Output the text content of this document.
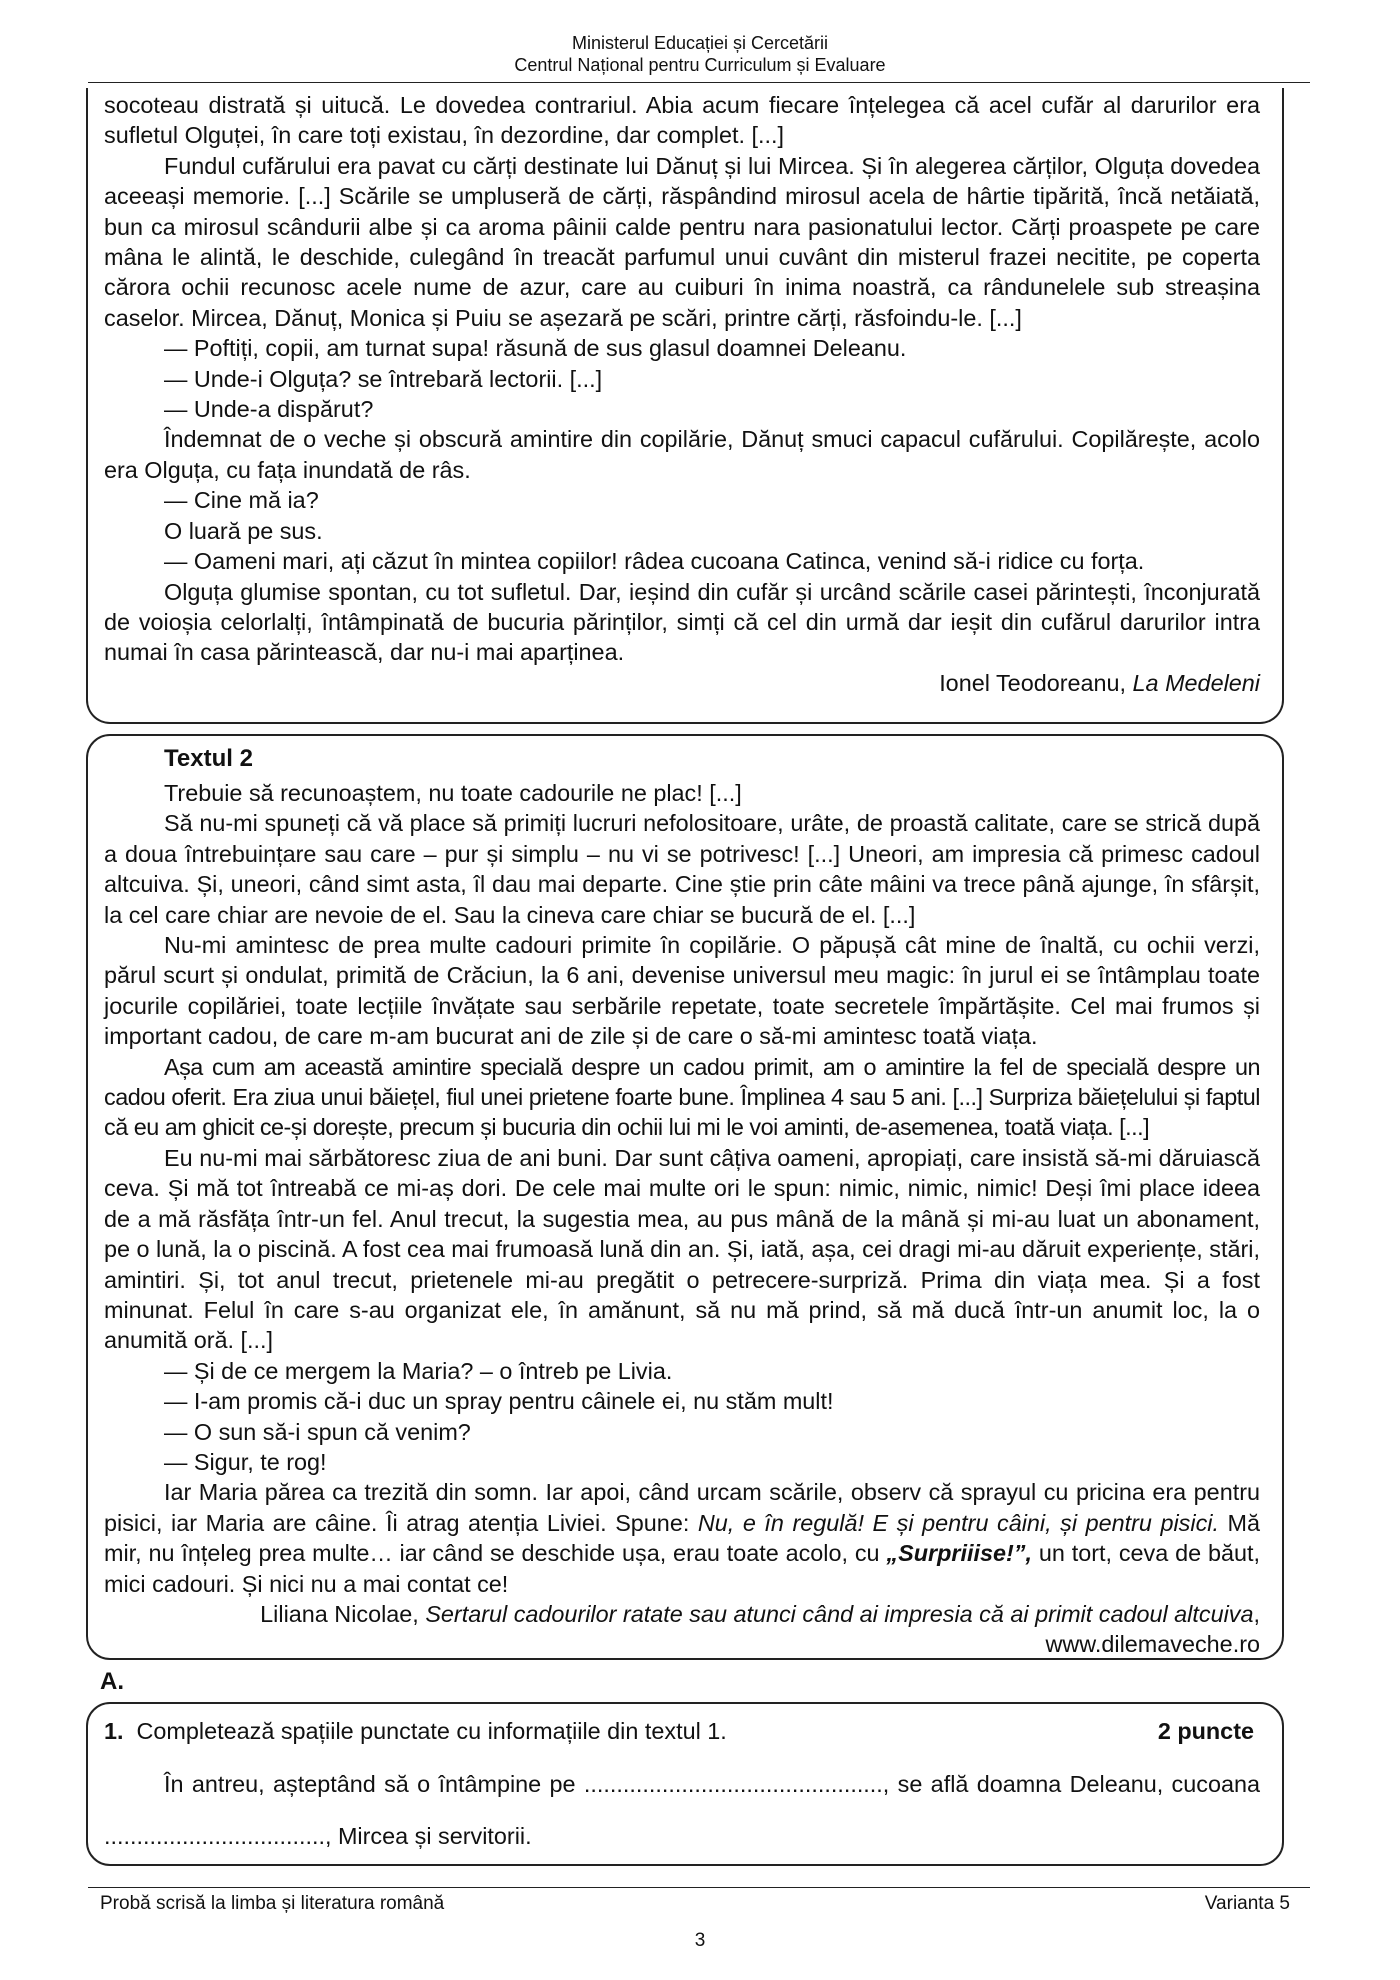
Ministerul Educației și Cercetării
Centrul Național pentru Curriculum și Evaluare

socoteau distrată și uitucă. Le dovedea contrariul. Abia acum fiecare înțelegea că acel cufăr al darurilor era sufletul Olguței, în care toți existau, în dezordine, dar complet. [...]

Fundul cufărului era pavat cu cărți destinate lui Dănuț și lui Mircea. Și în alegerea cărților, Olguța dovedea aceeași memorie. [...] Scările se umpluseră de cărți, răspândind mirosul acela de hârtie tipărită, încă netăiată, bun ca mirosul scândurii albe și ca aroma pâinii calde pentru nara pasionatului lector. Cărți proaspete pe care mâna le alintă, le deschide, culegând în treacăt parfumul unui cuvânt din misterul frazei necitite, pe coperta cărora ochii recunosc acele nume de azur, care au cuiburi în inima noastră, ca rândunelele sub streașina caselor. Mircea, Dănuț, Monica și Puiu se așezară pe scări, printre cărți, răsfoindu-le. [...]

— Poftiți, copii, am turnat supa! răsună de sus glasul doamnei Deleanu.

— Unde-i Olguța? se întrebară lectorii. [...]

— Unde-a dispărut?

Îndemnat de o veche și obscură amintire din copilărie, Dănuț smuci capacul cufărului. Copilărește, acolo era Olguța, cu fața inundată de râs.

— Cine mă ia?

O luară pe sus.

— Oameni mari, ați căzut în mintea copiilor! râdea cucoana Catinca, venind să-i ridice cu forța.

Olguța glumise spontan, cu tot sufletul. Dar, ieșind din cufăr și urcând scările casei părintești, înconjurată de voioșia celorlalți, întâmpinată de bucuria părinților, simți că cel din urmă dar ieșit din cufărul darurilor intra numai în casa părintească, dar nu-i mai aparținea.

Ionel Teodoreanu, La Medeleni

Textul 2

Trebuie să recunoaștem, nu toate cadourile ne plac! [...]

Să nu-mi spuneți că vă place să primiți lucruri nefolositoare, urâte, de proastă calitate, care se strică după a doua întrebuințare sau care – pur și simplu – nu vi se potrivesc! [...] Uneori, am impresia că primesc cadoul altcuiva. Și, uneori, când simt asta, îl dau mai departe. Cine știe prin câte mâini va trece până ajunge, în sfârșit, la cel care chiar are nevoie de el. Sau la cineva care chiar se bucură de el. [...]

Nu-mi amintesc de prea multe cadouri primite în copilărie. O păpușă cât mine de înaltă, cu ochii verzi, părul scurt și ondulat, primită de Crăciun, la 6 ani, devenise universul meu magic: în jurul ei se întâmplau toate jocurile copilăriei, toate lecțiile învățate sau serbările repetate, toate secretele împărtășite. Cel mai frumos și important cadou, de care m-am bucurat ani de zile și de care o să-mi amintesc toată viața.

Așa cum am această amintire specială despre un cadou primit, am o amintire la fel de specială despre un cadou oferit. Era ziua unui băiețel, fiul unei prietene foarte bune. Împlinea 4 sau 5 ani. [...] Surpriza băiețelului și faptul că eu am ghicit ce-și dorește, precum și bucuria din ochii lui mi le voi aminti, de-asemenea, toată viața. [...]

Eu nu-mi mai sărbătoresc ziua de ani buni. Dar sunt câțiva oameni, apropiați, care insistă să-mi dăruiască ceva. Și mă tot întreabă ce mi-aș dori. De cele mai multe ori le spun: nimic, nimic, nimic! Deși îmi place ideea de a mă răsfăța într-un fel. Anul trecut, la sugestia mea, au pus mână de la mână și mi-au luat un abonament, pe o lună, la o piscină. A fost cea mai frumoasă lună din an. Și, iată, așa, cei dragi mi-au dăruit experiențe, stări, amintiri. Și, tot anul trecut, prietenele mi-au pregătit o petrecere-surpriză. Prima din viața mea. Și a fost minunat. Felul în care s-au organizat ele, în amănunt, să nu mă prind, să mă ducă într-un anumit loc, la o anumită oră. [...]

— Și de ce mergem la Maria? – o întreb pe Livia.

— I-am promis că-i duc un spray pentru câinele ei, nu stăm mult!

— O sun să-i spun că venim?

— Sigur, te rog!

Iar Maria părea ca trezită din somn. Iar apoi, când urcam scările, observ că sprayul cu pricina era pentru pisici, iar Maria are câine. Îi atrag atenția Liviei. Spune: Nu, e în regulă! E și pentru câini, și pentru pisici. Mă mir, nu înțeleg prea multe… iar când se deschide ușa, erau toate acolo, cu „Surpriiise!”, un tort, ceva de băut, mici cadouri. Și nici nu a mai contat ce!

Liliana Nicolae, Sertarul cadourilor ratate sau atunci când ai impresia că ai primit cadoul altcuiva,

www.dilemaveche.ro

A.
1. Completează spațiile punctate cu informațiile din textul 1.	2 puncte

În antreu, așteptând să o întâmpine pe .............................................., se află doamna Deleanu, cucoana .................................., Mircea și servitorii.

Probă scrisă la limba și literatura română	Varianta 5
3
